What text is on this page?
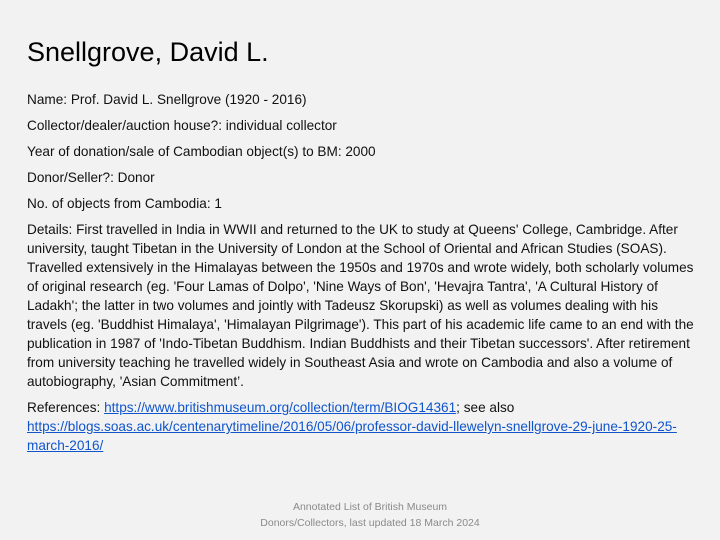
Snellgrove, David L.

Name: Prof. David L. Snellgrove (1920 - 2016)

Collector/dealer/auction house?: individual collector

Year of donation/sale of Cambodian object(s) to BM: 2000

Donor/Seller?: Donor

No. of objects from Cambodia: 1

Details: First travelled in India in WWII and returned to the UK to study at Queens' College, Cambridge. After university, taught Tibetan in the University of London at the School of Oriental and African Studies (SOAS). Travelled extensively in the Himalayas between the 1950s and 1970s and wrote widely, both scholarly volumes of original research (eg. 'Four Lamas of Dolpo', 'Nine Ways of Bon', 'Hevajra Tantra', 'A Cultural History of Ladakh'; the latter in two volumes and jointly with Tadeusz Skorupski) as well as volumes dealing with his travels (eg. 'Buddhist Himalaya', 'Himalayan Pilgrimage'). This part of his academic life came to an end with the publication in 1987 of 'Indo-Tibetan Buddhism. Indian Buddhists and their Tibetan successors'. After retirement from university teaching he travelled widely in Southeast Asia and wrote on Cambodia and also a volume of autobiography, 'Asian Commitment’.

References: https://www.britishmuseum.org/collection/term/BIOG14361; see also
https://blogs.soas.ac.uk/centenarytimeline/2016/05/06/professor-david-llewelyn-snellgrove-29-june-1920-25-march-2016/

Annotated List of British Museum
Donors/Collectors, last updated 18 March 2024
